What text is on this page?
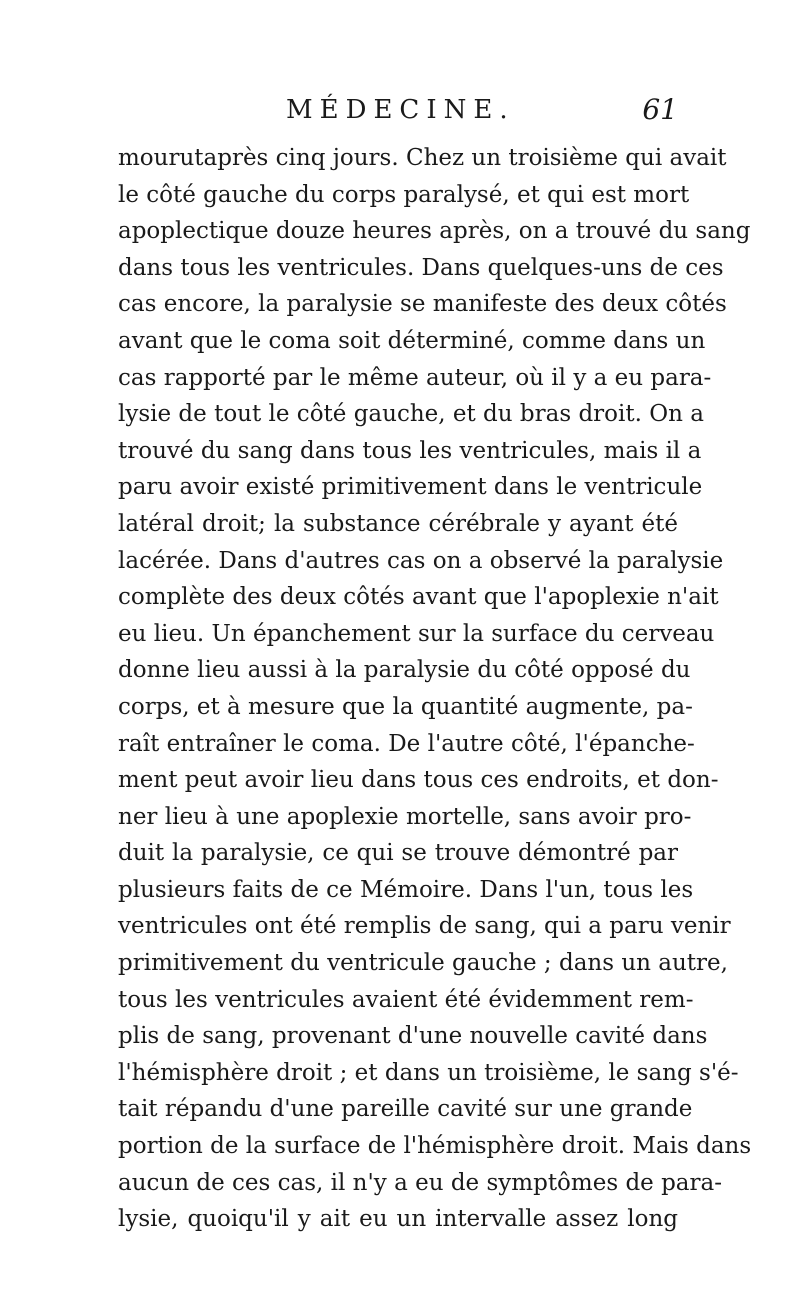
MÉDECINE.	61
mourutaprès cinq jours. Chez un troisième qui avait
le côté gauche du corps paralysé, et qui est mort
apoplectique douze heures après, on a trouvé du sang
dans tous les ventricules. Dans quelques-uns de ces
cas encore, la paralysie se manifeste des deux côtés
avant que le coma soit déterminé, comme dans un
cas rapporté par le même auteur, où il y a eu para-
lysie de tout le côté gauche, et du bras droit. On a
trouvé du sang dans tous les ventricules, mais il a
paru avoir existé primitivement dans le ventricule
latéral droit; la substance cérébrale y ayant été
lacérée. Dans d'autres cas on a observé la paralysie
complète des deux côtés avant que l'apoplexie n'ait
eu lieu. Un épanchement sur la surface du cerveau
donne lieu aussi à la paralysie du côté opposé du
corps, et à mesure que la quantité augmente, pa-
raît entraîner le coma. De l'autre côté, l'épanche-
ment peut avoir lieu dans tous ces endroits, et don-
ner lieu à une apoplexie mortelle, sans avoir pro-
duit la paralysie, ce qui se trouve démontré par
plusieurs faits de ce Mémoire. Dans l'un, tous les
ventricules ont été remplis de sang, qui a paru venir
primitivement du ventricule gauche ; dans un autre,
tous les ventricules avaient été évidemment rem-
plis de sang, provenant d'une nouvelle cavité dans
l'hémisphère droit ; et dans un troisième, le sang s'é-
tait répandu d'une pareille cavité sur une grande
portion de la surface de l'hémisphère droit. Mais dans
aucun de ces cas, il n'y a eu de symptômes de para-
lysie, quoiqu'il y ait eu un intervalle assez long
